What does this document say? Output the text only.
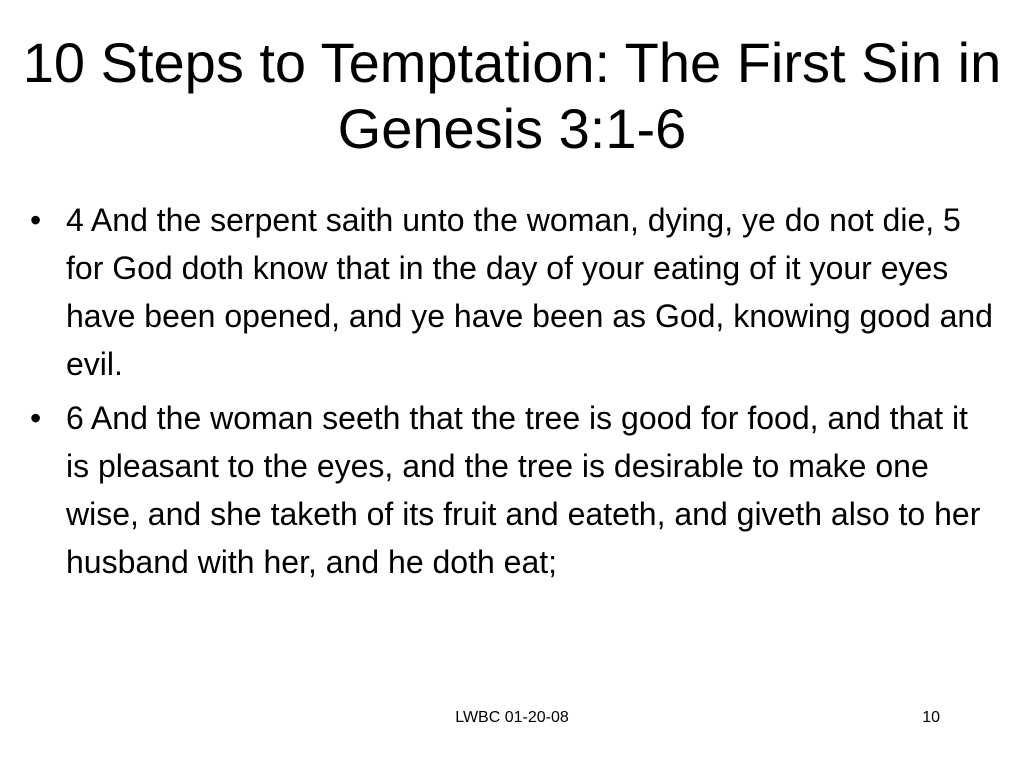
10 Steps to Temptation: The First Sin in Genesis 3:1-6
• 4 And the serpent saith unto the woman, dying, ye do not die, 5 for God doth know that in the day of your eating of it your eyes have been opened, and ye have been as God, knowing good and evil.
• 6 And the woman seeth that the tree is good for food, and that it is pleasant to the eyes, and the tree is desirable to make one wise, and she taketh of its fruit and eateth, and giveth also to her husband with her, and he doth eat;
LWBC 01-20-08	10
